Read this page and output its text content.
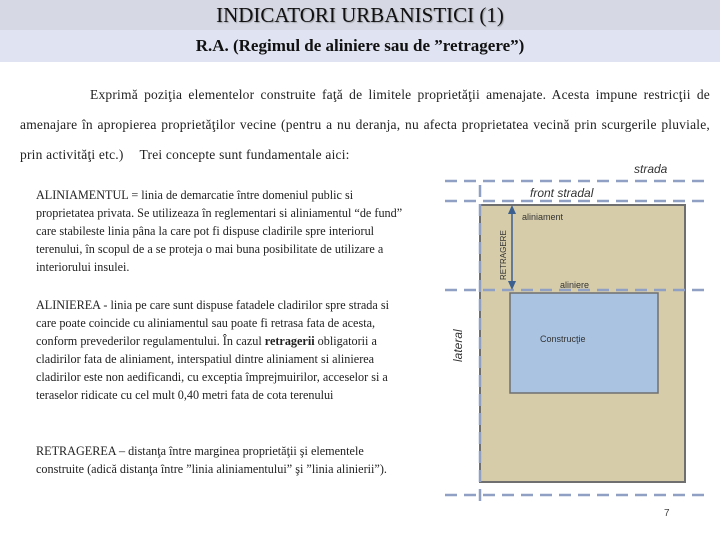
INDICATORI URBANISTICI (1)
R.A. (Regimul de aliniere sau de ”retragere”)
Exprimă poziţia elementelor construite faţă de limitele proprietăţii amenajate. Acesta impune restricţii de amenajare în apropierea proprietăţilor vecine (pentru a nu deranja, nu afecta proprietatea vecină prin scurgerile pluviale, prin activităţi etc.) Trei concepte sunt fundamentale aici:
ALINIAMENTUL = linia de demarcatie între domeniul public si proprietatea privata. Se utilizeaza în reglementari si aliniamentul “de fund” care stabileste linia pâna la care pot fi dispuse cladirile spre interiorul terenului, în scopul de a se proteja o mai buna posibilitate de utilizare a interiorului insulei.
ALINIEREA - linia pe care sunt dispuse fatadele cladirilor spre strada si care poate coincide cu aliniamentul sau poate fi retrasa fata de acesta, conform prevederilor regulamentului. În cazul retragerii obligatorii a cladirilor fata de aliniament, interspatiul dintre aliniament si alinierea cladirilor este non aedificandi, cu exceptia împrejmuirilor, acceselor si a teraselor ridicate cu cel mult 0,40 metri fata de cota terenului
RETRAGEREA – distanţa între marginea proprietăţii şi elementele construite (adică distanţa între ”linia aliniamentului” şi ”linia alinierii”).
strada
front stradal
aliniament
RETRAGERE
aliniere
lateral	Construcţie
7
